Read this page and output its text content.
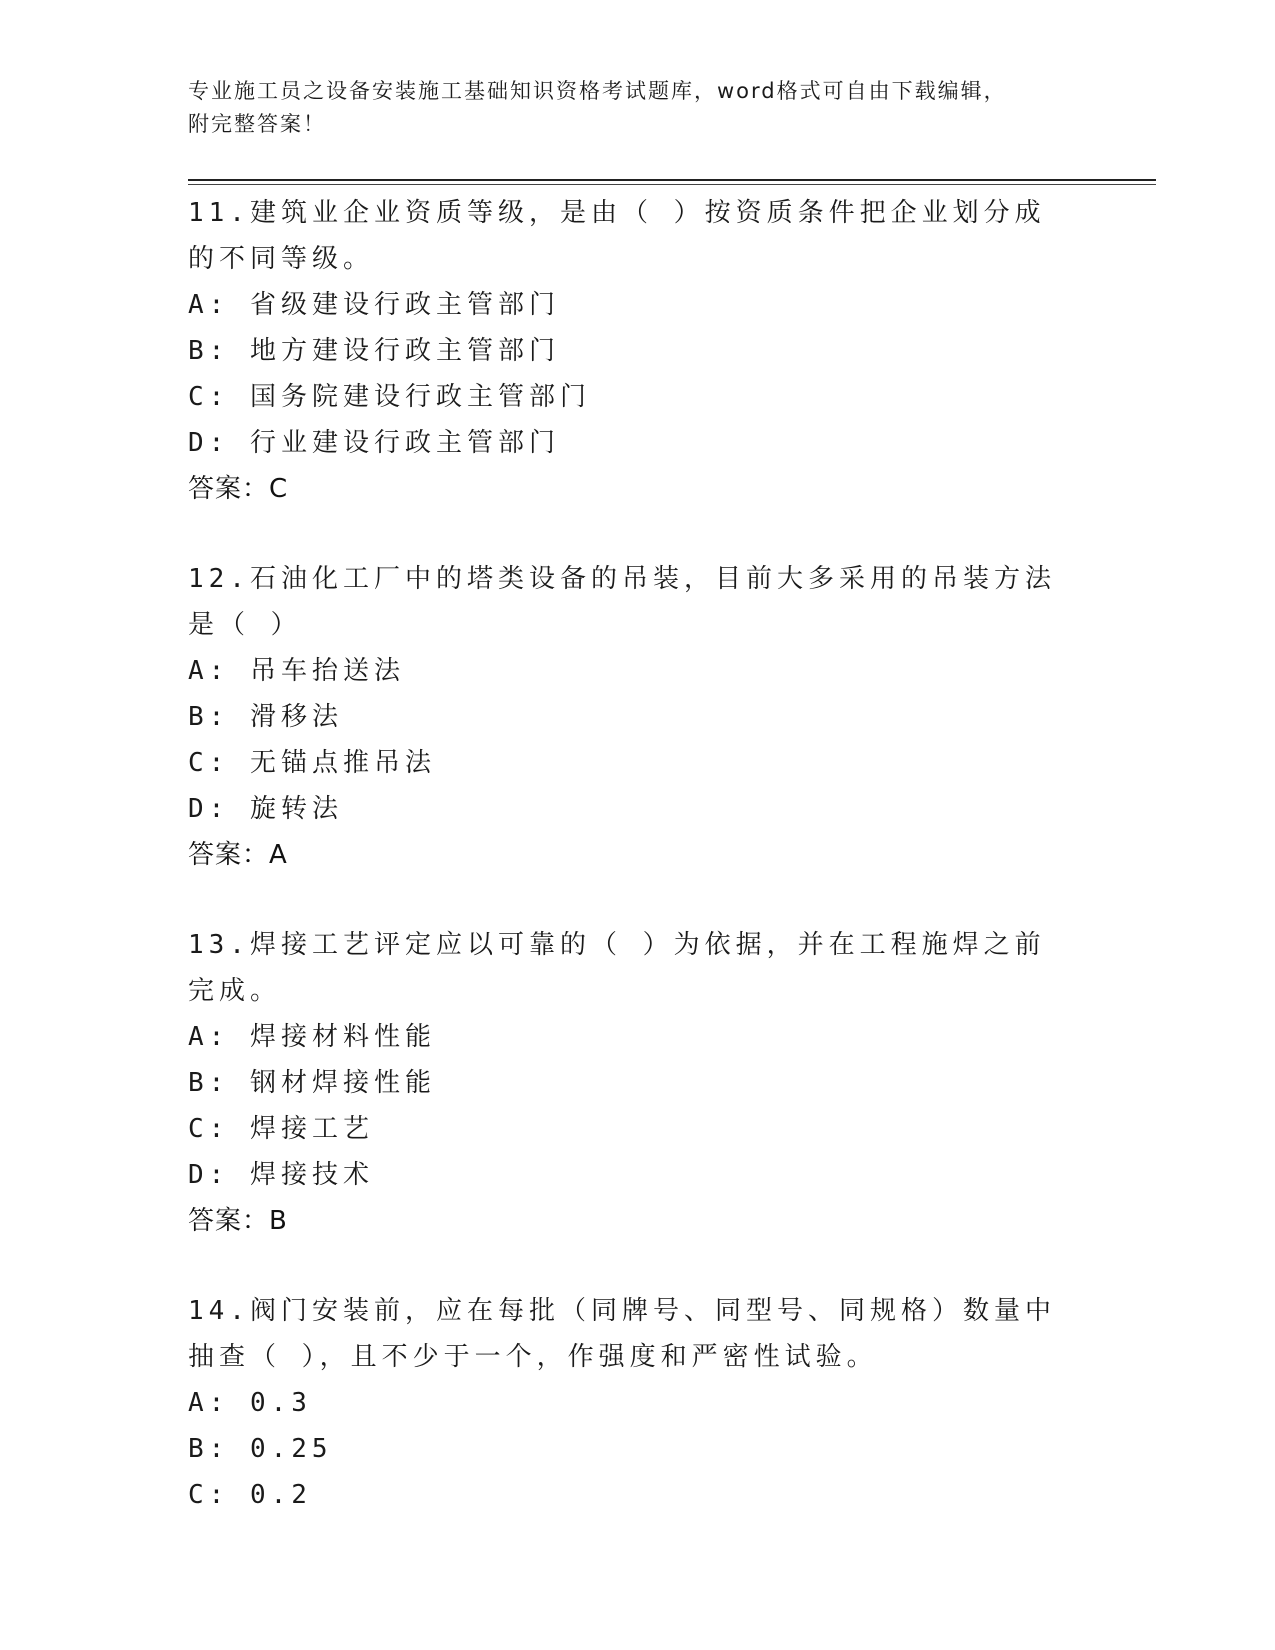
专业施工员之设备安装施工基础知识资格考试题库，word格式可自由下载编辑，
附完整答案！
11.建筑业企业资质等级，是由（ ）按资质条件把企业划分成的不同等级。
A: 省级建设行政主管部门
B: 地方建设行政主管部门
C: 国务院建设行政主管部门
D: 行业建设行政主管部门
答案：C
12.石油化工厂中的塔类设备的吊装，目前大多采用的吊装方法是（ ）
A: 吊车抬送法
B: 滑移法
C: 无锚点推吊法
D: 旋转法
答案：A
13.焊接工艺评定应以可靠的（ ）为依据，并在工程施焊之前完成。
A: 焊接材料性能
B: 钢材焊接性能
C: 焊接工艺
D: 焊接技术
答案：B
14.阀门安装前，应在每批（同牌号、同型号、同规格）数量中抽查（ ），且不少于一个，作强度和严密性试验。
A: 0.3
B: 0.25
C: 0.2
